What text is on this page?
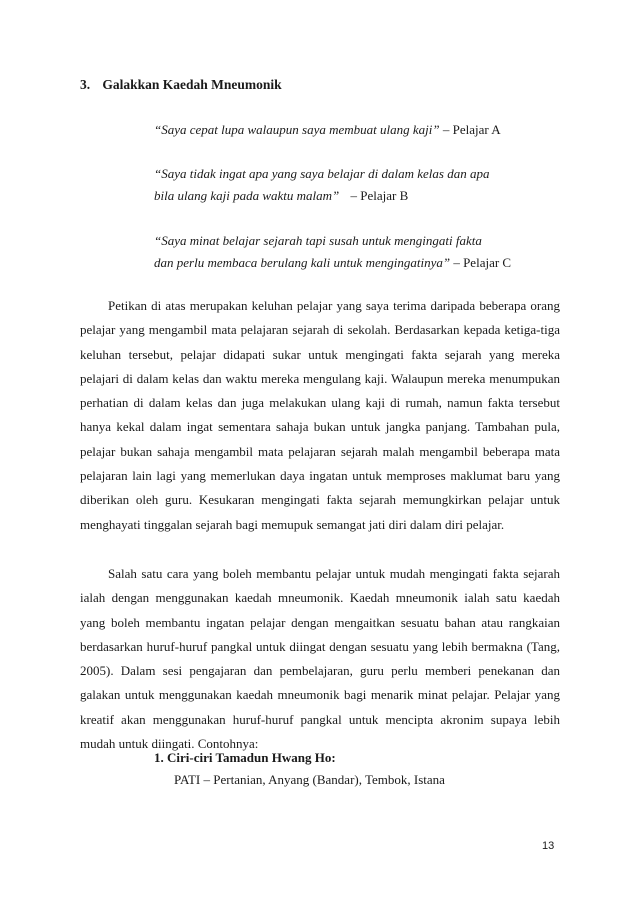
3. Galakkan Kaedah Mneumonik
“Saya cepat lupa walaupun saya membuat ulang kaji” – Pelajar A
“Saya tidak ingat apa yang saya belajar di dalam kelas dan apa
bila ulang kaji pada waktu malam” – Pelajar B
“Saya minat belajar sejarah tapi susah untuk mengingati fakta
dan perlu membaca berulang kali untuk mengingatinya” – Pelajar C

Petikan di atas merupakan keluhan pelajar yang saya terima daripada beberapa orang pelajar yang mengambil mata pelajaran sejarah di sekolah. Berdasarkan kepada ketiga-tiga keluhan tersebut, pelajar didapati sukar untuk mengingati fakta sejarah yang mereka pelajari di dalam kelas dan waktu mereka mengulang kaji. Walaupun mereka menumpukan perhatian di dalam kelas dan juga melakukan ulang kaji di rumah, namun fakta tersebut hanya kekal dalam ingat sementara sahaja bukan untuk jangka panjang. Tambahan pula, pelajar bukan sahaja mengambil mata pelajaran sejarah malah mengambil beberapa mata pelajaran lain lagi yang memerlukan daya ingatan untuk memproses maklumat baru yang diberikan oleh guru. Kesukaran mengingati fakta sejarah memungkirkan pelajar untuk menghayati tinggalan sejarah bagi memupuk semangat jati diri dalam diri pelajar.

Salah satu cara yang boleh membantu pelajar untuk mudah mengingati fakta sejarah ialah dengan menggunakan kaedah mneumonik. Kaedah mneumonik ialah satu kaedah yang boleh membantu ingatan pelajar dengan mengaitkan sesuatu bahan atau rangkaian berdasarkan huruf-huruf pangkal untuk diingat dengan sesuatu yang lebih bermakna (Tang, 2005). Dalam sesi pengajaran dan pembelajaran, guru perlu memberi penekanan dan galakan untuk menggunakan kaedah mneumonik bagi menarik minat pelajar. Pelajar yang kreatif akan menggunakan huruf-huruf pangkal untuk mencipta akronim supaya lebih mudah untuk diingati. Contohnya:

1. Ciri-ciri Tamadun Hwang Ho:
PATI – Pertanian, Anyang (Bandar), Tembok, Istana
13
